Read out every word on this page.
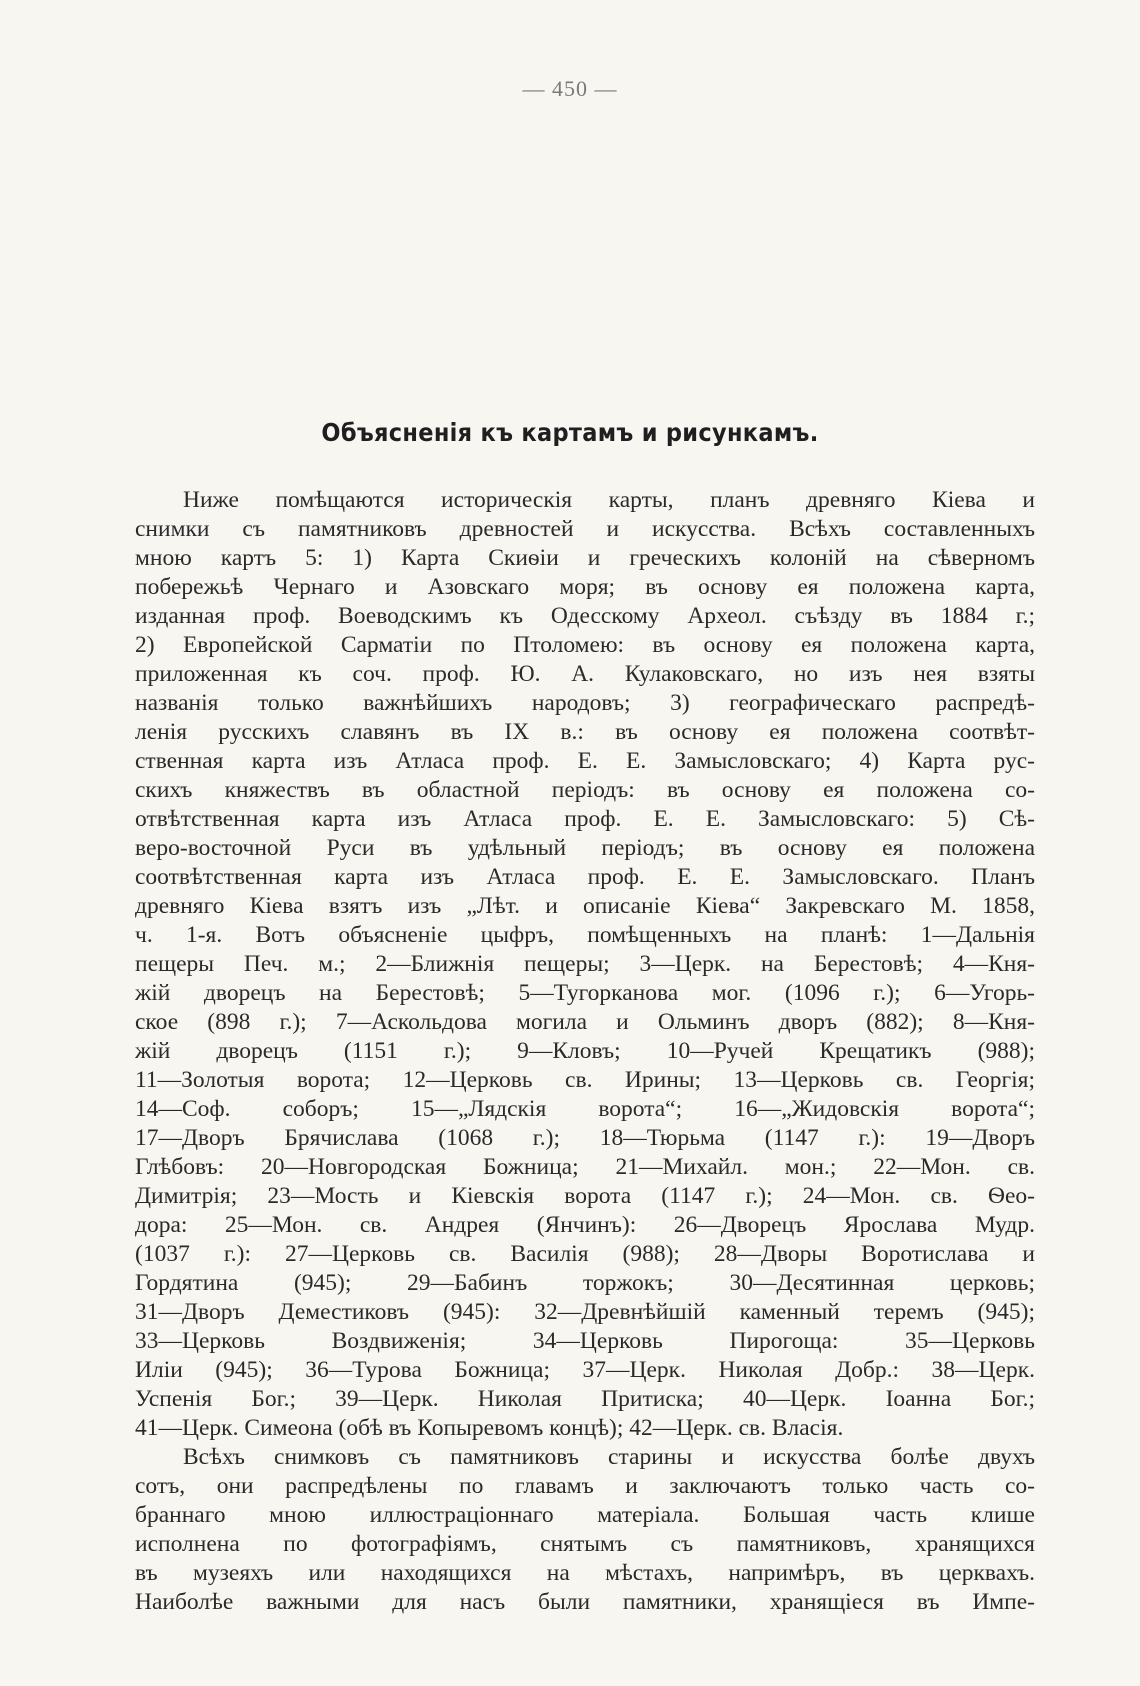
— 450 —
Объясненія къ картамъ и рисункамъ.
Ниже помѣщаются историческія карты, планъ древняго Кіева и
снимки съ памятниковъ древностей и искусства. Всѣхъ составленныхъ
мною картъ 5: 1) Карта Скиѳіи и греческихъ колоній на сѣверномъ
побережьѣ Чернаго и Азовскаго моря; въ основу ея положена карта,
изданная проф. Воеводскимъ къ Одесскому Археол. съѣзду въ 1884 г.;
2) Европейской Сарматіи по Птоломею: въ основу ея положена карта,
приложенная къ соч. проф. Ю. А. Кулаковскаго, но изъ нея взяты
названія только важнѣйшихъ народовъ; 3) географическаго распредѣ-
ленія русскихъ славянъ въ IX в.: въ основу ея положена соотвѣт-
ственная карта изъ Атласа проф. Е. Е. Замысловскаго; 4) Карта рус-
скихъ княжествъ въ областной періодъ: въ основу ея положена со-
отвѣтственная карта изъ Атласа проф. Е. Е. Замысловскаго: 5) Сѣ-
веро-восточной Руси въ удѣльный періодъ; въ основу ея положена
соотвѣтственная карта изъ Атласа проф. Е. Е. Замысловскаго. Планъ
древняго Кіева взятъ изъ „Лѣт. и описаніе Кіева“ Закревскаго М. 1858,
ч. 1-я. Вотъ объясненіе цыфръ, помѣщенныхъ на планѣ: 1—Дальнія
пещеры Печ. м.; 2—Ближнія пещеры; 3—Церк. на Берестовѣ; 4—Кня-
жій дворецъ на Берестовѣ; 5—Тугорканова мог. (1096 г.); 6—Угорь-
ское (898 г.); 7—Аскольдова могила и Ольминъ дворъ (882); 8—Кня-
жій дворецъ (1151 г.); 9—Кловъ; 10—Ручей Крещатикъ (988);
11—Золотыя ворота; 12—Церковь св. Ирины; 13—Церковь св. Георгія;
14—Соф. соборъ; 15—„Лядскія ворота“; 16—„Жидовскія ворота“;
17—Дворъ Брячислава (1068 г.); 18—Тюрьма (1147 г.): 19—Дворъ
Глѣбовъ: 20—Новгородская Божница; 21—Михайл. мон.; 22—Мон. св.
Димитрія; 23—Мость и Кіевскія ворота (1147 г.); 24—Мон. св. Ѳео-
дора: 25—Мон. св. Андрея (Янчинъ): 26—Дворецъ Ярослава Мудр.
(1037 г.): 27—Церковь св. Василія (988); 28—Дворы Воротислава и
Гордятина (945); 29—Бабинъ торжокъ; 30—Десятинная церковь;
31—Дворъ Деместиковъ (945): 32—Древнѣйшій каменный теремъ (945);
33—Церковь Воздвиженія; 34—Церковь Пирогоща: 35—Церковь
Иліи (945); 36—Турова Божница; 37—Церк. Николая Добр.: 38—Церк.
Успенія Бог.; 39—Церк. Николая Притиска; 40—Церк. Іоанна Бог.;
41—Церк. Симеона (обѣ въ Копыревомъ концѣ); 42—Церк. св. Власія.
Всѣхъ снимковъ съ памятниковъ старины и искусства болѣе двухъ
сотъ, они распредѣлены по главамъ и заключаютъ только часть со-
браннаго мною иллюстраціоннаго матеріала. Большая часть клише
исполнена по фотографіямъ, снятымъ съ памятниковъ, хранящихся
въ музеяхъ или находящихся на мѣстахъ, напримѣръ, въ церквахъ.
Наиболѣе важными для насъ были памятники, хранящіеся въ Импе-
